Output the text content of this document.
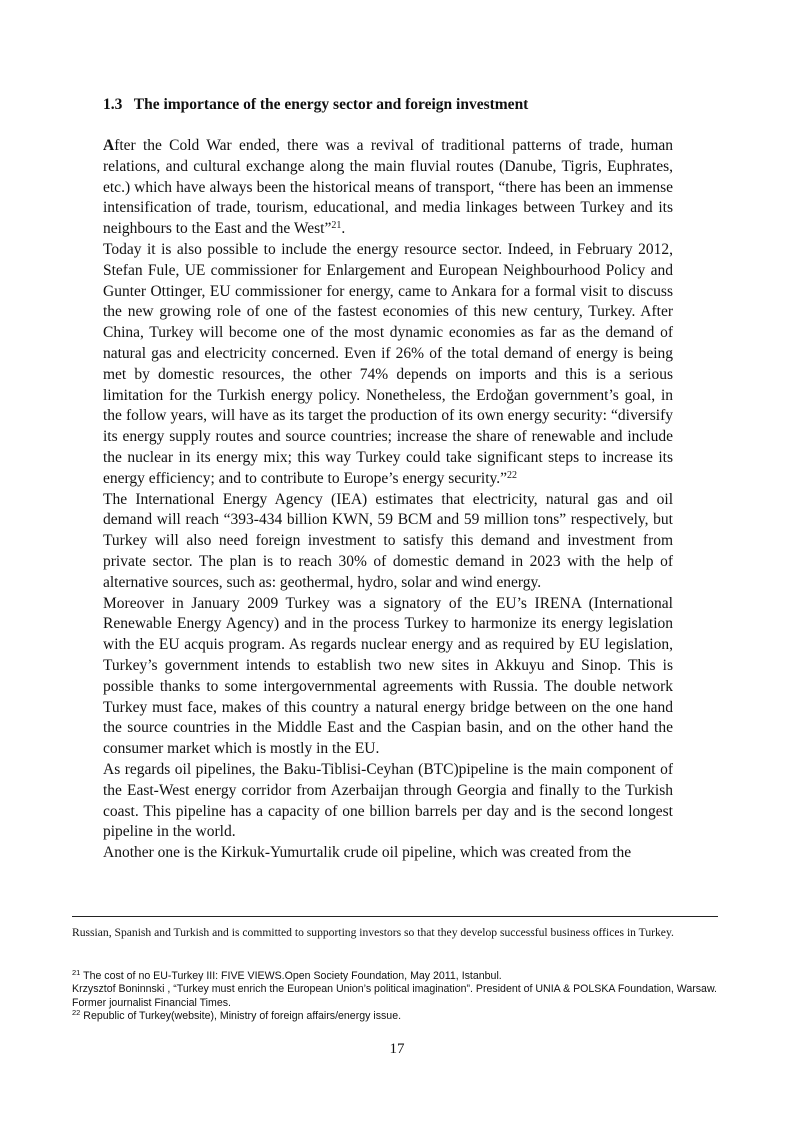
1.3 The importance of the energy sector and foreign investment

After the Cold War ended, there was a revival of traditional patterns of trade, human relations, and cultural exchange along the main fluvial routes (Danube, Tigris, Euphrates, etc.) which have always been the historical means of transport, “there has been an immense intensification of trade, tourism, educational, and media linkages between Turkey and its neighbours to the East and the West”$^{21}$.

Today it is also possible to include the energy resource sector. Indeed, in February 2012, Stefan Fule, UE commissioner for Enlargement and European Neighbourhood Policy and Gunter Ottinger, EU commissioner for energy, came to Ankara for a formal visit to discuss the new growing role of one of the fastest economies of this new century, Turkey. After China, Turkey will become one of the most dynamic economies as far as the demand of natural gas and electricity concerned. Even if 26% of the total demand of energy is being met by domestic resources, the other 74% depends on imports and this is a serious limitation for the Turkish energy policy. Nonetheless, the Erdoğan government’s goal, in the follow years, will have as its target the production of its own energy security: “diversify its energy supply routes and source countries; increase the share of renewable and include the nuclear in its energy mix; this way Turkey could take significant steps to increase its energy efficiency; and to contribute to Europe’s energy security.”$^{22}$

The International Energy Agency (IEA) estimates that electricity, natural gas and oil demand will reach “393-434 billion KWN, 59 BCM and 59 million tons” respectively, but Turkey will also need foreign investment to satisfy this demand and investment from private sector. The plan is to reach 30% of domestic demand in 2023 with the help of alternative sources, such as: geothermal, hydro, solar and wind energy.

Moreover in January 2009 Turkey was a signatory of the EU’s IRENA (International Renewable Energy Agency) and in the process Turkey to harmonize its energy legislation with the EU acquis program. As regards nuclear energy and as required by EU legislation, Turkey’s government intends to establish two new sites in Akkuyu and Sinop. This is possible thanks to some intergovernmental agreements with Russia. The double network Turkey must face, makes of this country a natural energy bridge between on the one hand the source countries in the Middle East and the Caspian basin, and on the other hand the consumer market which is mostly in the EU.

As regards oil pipelines, the Baku-Tiblisi-Ceyhan (BTC)pipeline is the main component of the East-West energy corridor from Azerbaijan through Georgia and finally to the Turkish coast. This pipeline has a capacity of one billion barrels per day and is the second longest pipeline in the world.

Another one is the Kirkuk-Yumurtalik crude oil pipeline, which was created from the

Russian, Spanish and Turkish and is committed to supporting investors so that they develop successful business offices in Turkey.

$^{21}$ The cost of no EU-Turkey III: FIVE VIEWS.Open Society Foundation, May 2011, Istanbul.

Krzysztof Boninnski , “Turkey must enrich the European Union’s political imagination”. President of UNIA & POLSKA Foundation, Warsaw. Former journalist Financial Times.

$^{22}$ Republic of Turkey(website), Ministry of foreign affairs/energy issue.

17
